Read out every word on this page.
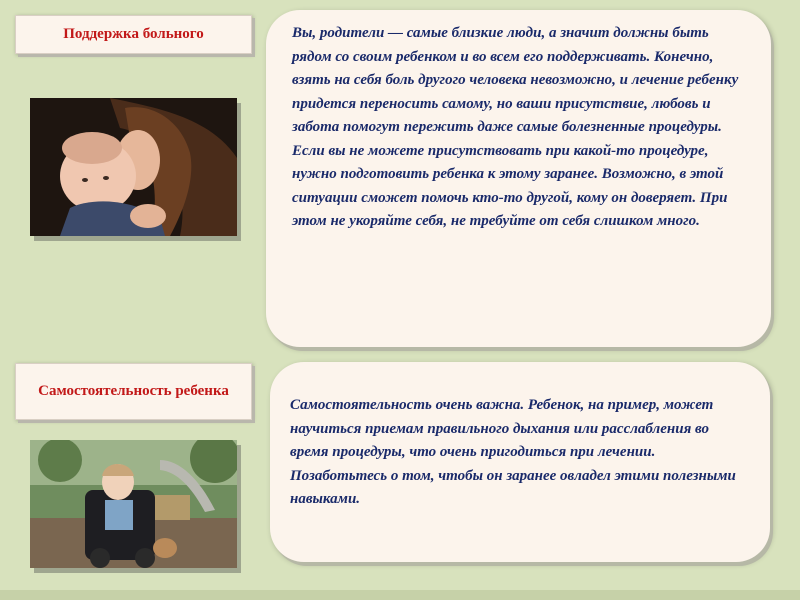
Поддержка больного	Вы, родители — самые близкие люди, а значит должны быть рядом со своим ребенком и во всем его поддерживать. Конечно, взять на себя боль другого человека невозможно, и лечение ребенку придется переносить самому, но ваши присутствие, любовь и забота помогут пережить даже самые болезненные процедуры.

Если вы не можете присутствовать при какой-то процедуре, нужно подготовить ребенка к этому заранее. Возможно, в этой ситуации сможет помочь кто-то другой, кому он доверяет. При этом не укоряйте себя, не требуйте от себя слишком много.

Самостоятельность ребенка

Самостоятельность очень важна. Ребенок, на пример, может научиться приемам правильного дыхания или расслабления во время процедуры, что очень пригодиться при лечении. Позаботьтесь о том, чтобы он заранее овладел этими полезными навыками.
